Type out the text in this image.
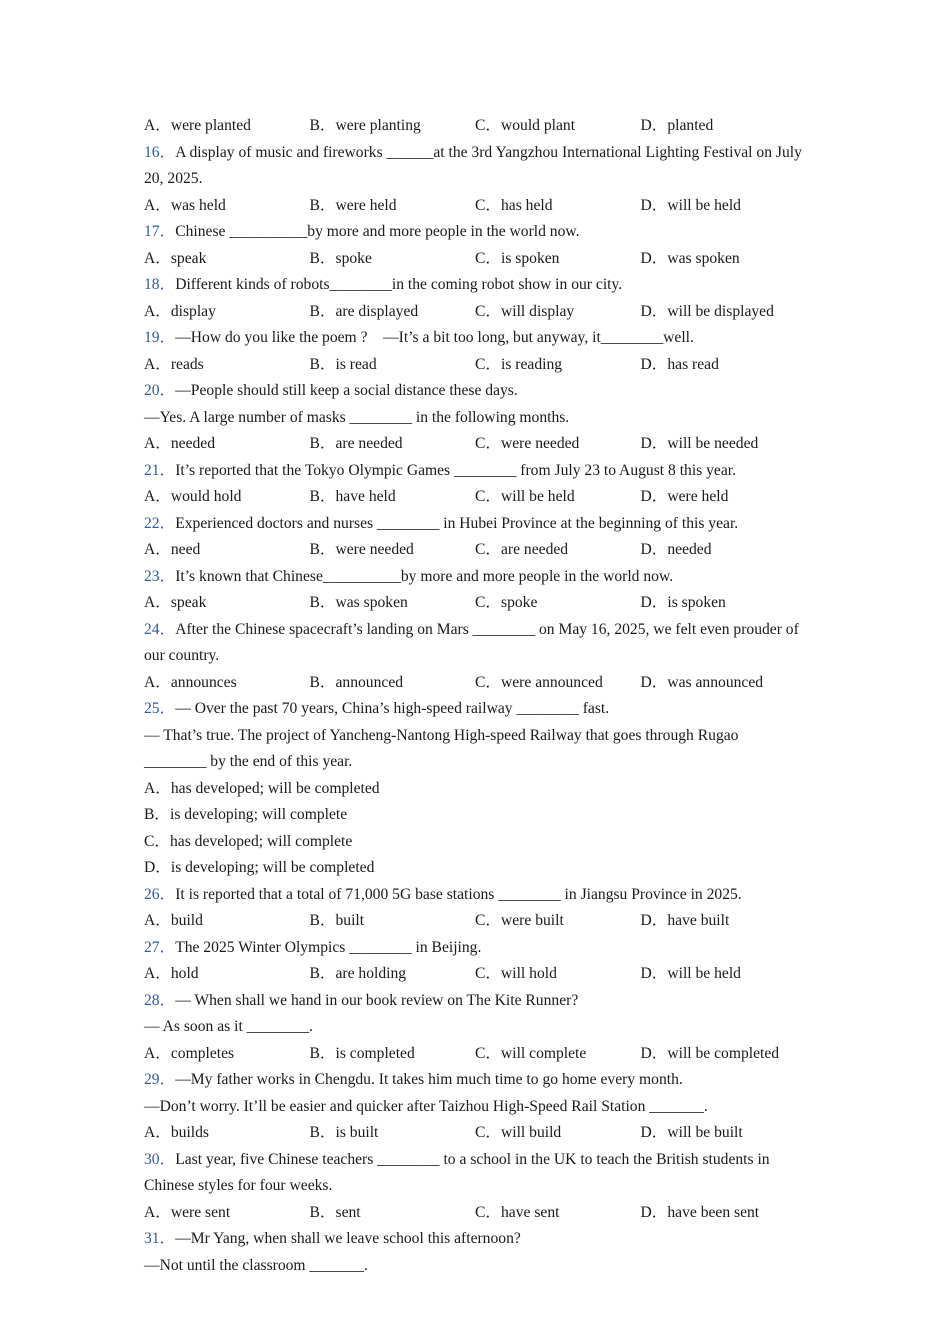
A．were planted	B．were planting	C．would plant	D．planted

16．A display of music and fireworks ______at the 3rd Yangzhou International Lighting Festival on July 20, 2025.

A．was held	B．were held	C．has held	D．will be held

17．Chinese __________by more and more people in the world now.

A．speak	B．spoke	C．is spoken	D．was spoken

18．Different kinds of robots________in the coming robot show in our city.

A．display	B．are displayed	C．will display	D．will be displayed

19．—How do you like the poem ?　—It’s a bit too long, but anyway, it________well.

A．reads	B．is read	C．is reading	D．has read

20．—People should still keep a social distance these days.

—Yes. A large number of masks ________ in the following months.

A．needed	B．are needed	C．were needed	D．will be needed

21．It’s reported that the Tokyo Olympic Games ________ from July 23 to August 8 this year.

A．would hold	B．have held	C．will be held	D．were held

22．Experienced doctors and nurses ________ in Hubei Province at the beginning of this year.

A．need	B．were needed	C．are needed	D．needed

23．It’s known that Chinese__________by more and more people in the world now.

A．speak	B．was spoken	C．spoke	D．is spoken

24．After the Chinese spacecraft’s landing on Mars ________ on May 16, 2025, we felt even prouder of our country.

A．announces	B．announced	C．were announced	D．was announced

25．— Over the past 70 years, China’s high-speed railway ________ fast.

— That’s true. The project of Yancheng-Nantong High-speed Railway that goes through Rugao ________ by the end of this year.

A．has developed; will be completed
B．is developing; will complete
C．has developed; will complete
D．is developing; will be completed

26．It is reported that a total of 71,000 5G base stations ________ in Jiangsu Province in 2025.

A．build	B．built	C．were built	D．have built

27．The 2025 Winter Olympics ________ in Beijing.

A．hold	B．are holding	C．will hold	D．will be held

28．— When shall we hand in our book review on The Kite Runner?

— As soon as it ________.

A．completes	B．is completed	C．will complete	D．will be completed

29．—My father works in Chengdu. It takes him much time to go home every month.

—Don’t worry. It’ll be easier and quicker after Taizhou High-Speed Rail Station _______.

A．builds	B．is built	C．will build	D．will be built

30．Last year, five Chinese teachers ________ to a school in the UK to teach the British students in Chinese styles for four weeks.

A．were sent	B．sent	C．have sent	D．have been sent

31．—Mr Yang, when shall we leave school this afternoon?

—Not until the classroom _______.
